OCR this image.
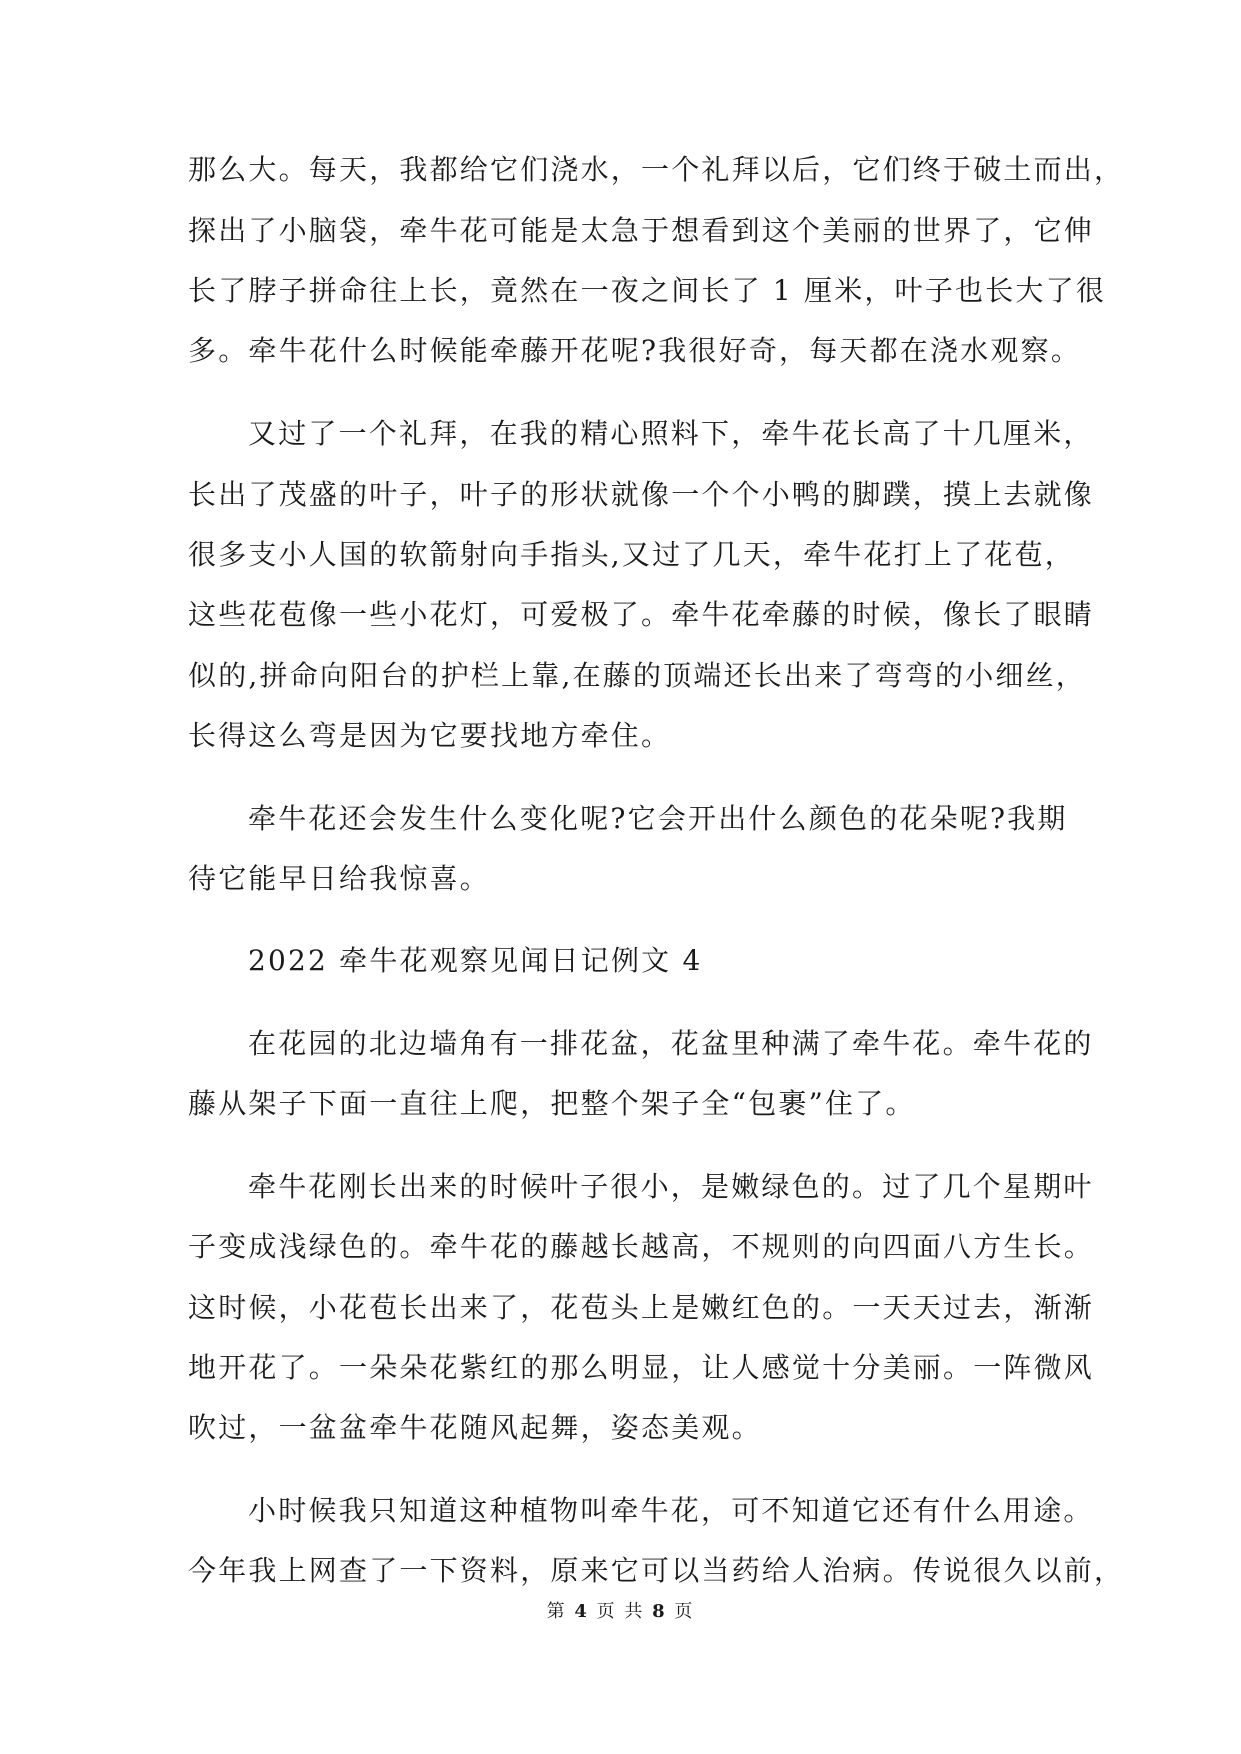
那么大。每天，我都给它们浇水，一个礼拜以后，它们终于破土而出，
探出了小脑袋，牵牛花可能是太急于想看到这个美丽的世界了，它伸
长了脖子拼命往上长，竟然在一夜之间长了 1 厘米，叶子也长大了很
多。牵牛花什么时候能牵藤开花呢?我很好奇，每天都在浇水观察。
又过了一个礼拜，在我的精心照料下，牵牛花长高了十几厘米，
长出了茂盛的叶子，叶子的形状就像一个个小鸭的脚蹼，摸上去就像
很多支小人国的软箭射向手指头,又过了几天，牵牛花打上了花苞，
这些花苞像一些小花灯，可爱极了。牵牛花牵藤的时候，像长了眼睛
似的,拼命向阳台的护栏上靠,在藤的顶端还长出来了弯弯的小细丝，
长得这么弯是因为它要找地方牵住。
牵牛花还会发生什么变化呢?它会开出什么颜色的花朵呢?我期
待它能早日给我惊喜。
2022 牵牛花观察见闻日记例文 4
在花园的北边墙角有一排花盆，花盆里种满了牵牛花。牵牛花的
藤从架子下面一直往上爬，把整个架子全“包裹”住了。
牵牛花刚长出来的时候叶子很小，是嫩绿色的。过了几个星期叶
子变成浅绿色的。牵牛花的藤越长越高，不规则的向四面八方生长。
这时候，小花苞长出来了，花苞头上是嫩红色的。一天天过去，渐渐
地开花了。一朵朵花紫红的那么明显，让人感觉十分美丽。一阵微风
吹过，一盆盆牵牛花随风起舞，姿态美观。
小时候我只知道这种植物叫牵牛花，可不知道它还有什么用途。
今年我上网查了一下资料，原来它可以当药给人治病。传说很久以前，
第 4 页 共 8 页
